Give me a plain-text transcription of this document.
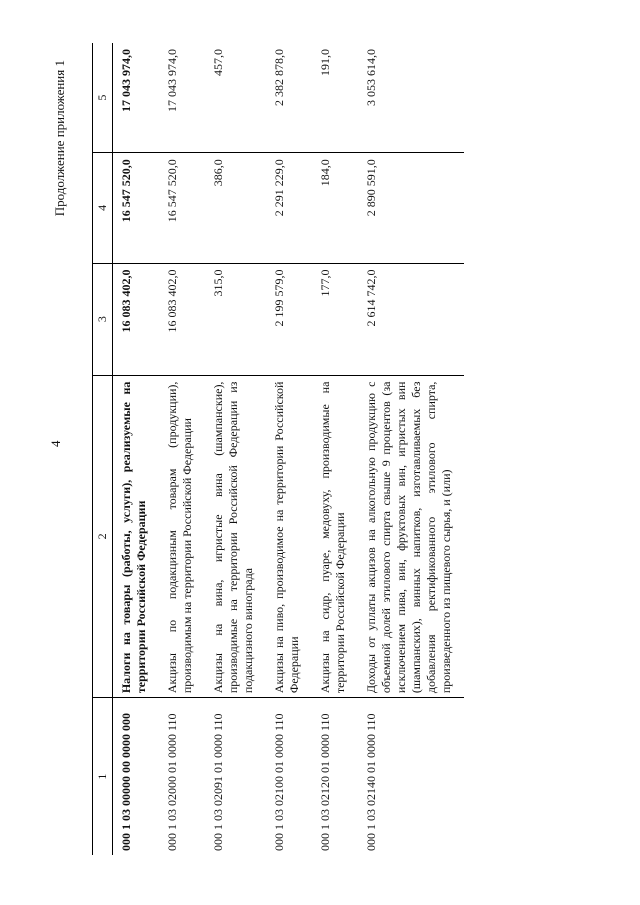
4
Продолжение приложения 1
1	2	3	4	5
000 1 03 00000 00 0000 000	Налоги на товары (работы, услуги), реализуемые на территории Российской Федерации	16 083 402,0	16 547 520,0	17 043 974,0
000 1 03 02000 01 0000 110	Акцизы по подакцизным товарам (продукции), производимым на территории Российской Федерации	16 083 402,0	16 547 520,0	17 043 974,0
000 1 03 02091 01 0000 110	Акцизы на вина, игристые вина (шампанские), производимые на территории Российской Федерации из подакцизного винограда	315,0	386,0	457,0
000 1 03 02100 01 0000 110	Акцизы на пиво, производимое на территории Российской Федерации	2 199 579,0	2 291 229,0	2 382 878,0
000 1 03 02120 01 0000 110	Акцизы на сидр, пуаре, медовуху, производимые на территории Российской Федерации	177,0	184,0	191,0
000 1 03 02140 01 0000 110	Доходы от уплаты акцизов на алкогольную продукцию с объемной долей этилового спирта свыше 9 процентов (за исключением пива, вин, фруктовых вин, игристых вин (шампанских), винных напитков, изготавливаемых без добавления ректификованного этилового спирта, произведенного из пищевого сырья, и (или)	2 614 742,0	2 890 591,0	3 053 614,0
